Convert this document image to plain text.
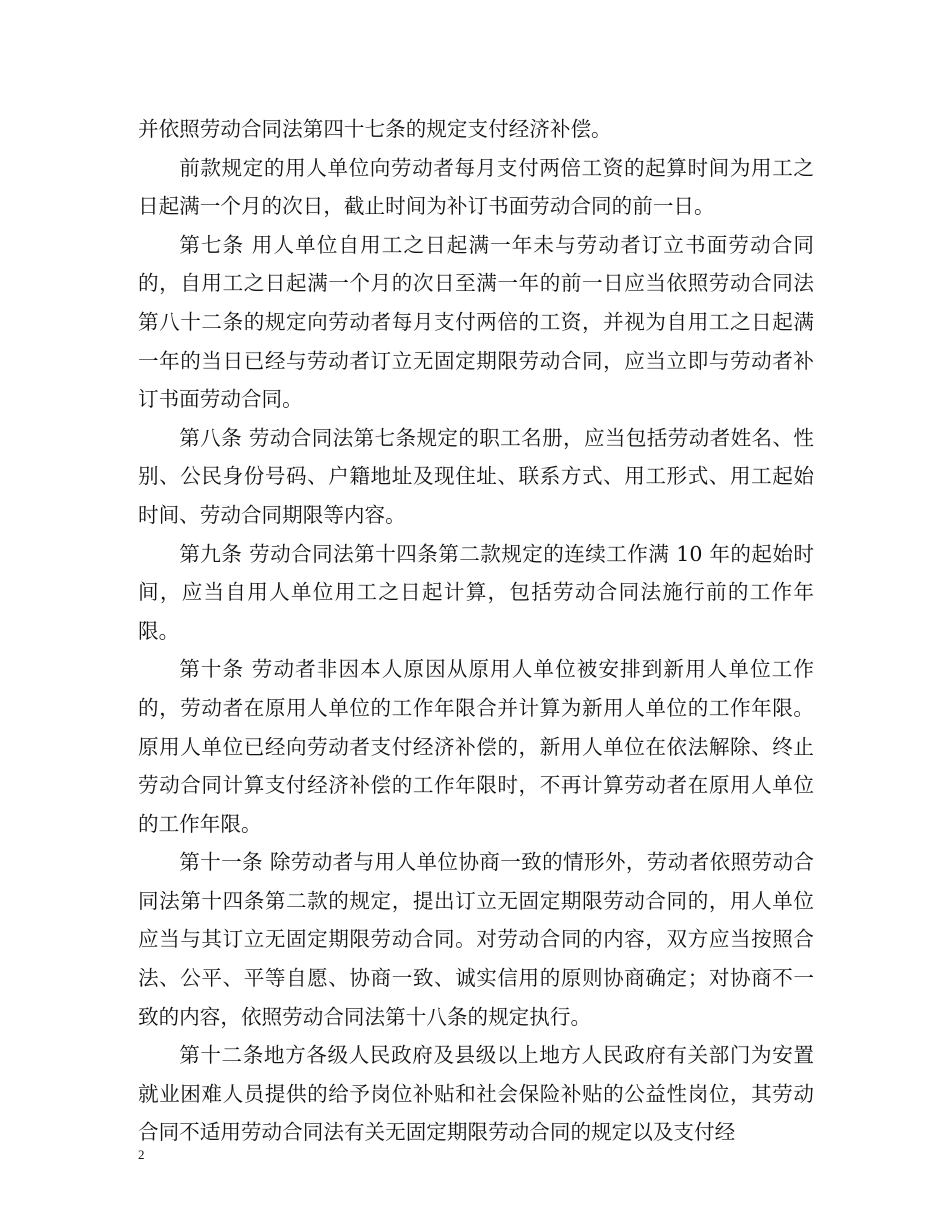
并依照劳动合同法第四十七条的规定支付经济补偿。

前款规定的用人单位向劳动者每月支付两倍工资的起算时间为用工之日起满一个月的次日，截止时间为补订书面劳动合同的前一日。

第七条 用人单位自用工之日起满一年未与劳动者订立书面劳动合同的，自用工之日起满一个月的次日至满一年的前一日应当依照劳动合同法第八十二条的规定向劳动者每月支付两倍的工资，并视为自用工之日起满一年的当日已经与劳动者订立无固定期限劳动合同，应当立即与劳动者补订书面劳动合同。

第八条 劳动合同法第七条规定的职工名册，应当包括劳动者姓名、性别、公民身份号码、户籍地址及现住址、联系方式、用工形式、用工起始时间、劳动合同期限等内容。

第九条 劳动合同法第十四条第二款规定的连续工作满 10 年的起始时间，应当自用人单位用工之日起计算，包括劳动合同法施行前的工作年限。

第十条 劳动者非因本人原因从原用人单位被安排到新用人单位工作的，劳动者在原用人单位的工作年限合并计算为新用人单位的工作年限。原用人单位已经向劳动者支付经济补偿的，新用人单位在依法解除、终止劳动合同计算支付经济补偿的工作年限时，不再计算劳动者在原用人单位的工作年限。

第十一条 除劳动者与用人单位协商一致的情形外，劳动者依照劳动合同法第十四条第二款的规定，提出订立无固定期限劳动合同的，用人单位应当与其订立无固定期限劳动合同。对劳动合同的内容，双方应当按照合法、公平、平等自愿、协商一致、诚实信用的原则协商确定；对协商不一致的内容，依照劳动合同法第十八条的规定执行。

第十二条地方各级人民政府及县级以上地方人民政府有关部门为安置就业困难人员提供的给予岗位补贴和社会保险补贴的公益性岗位，其劳动合同不适用劳动合同法有关无固定期限劳动合同的规定以及支付经

2
